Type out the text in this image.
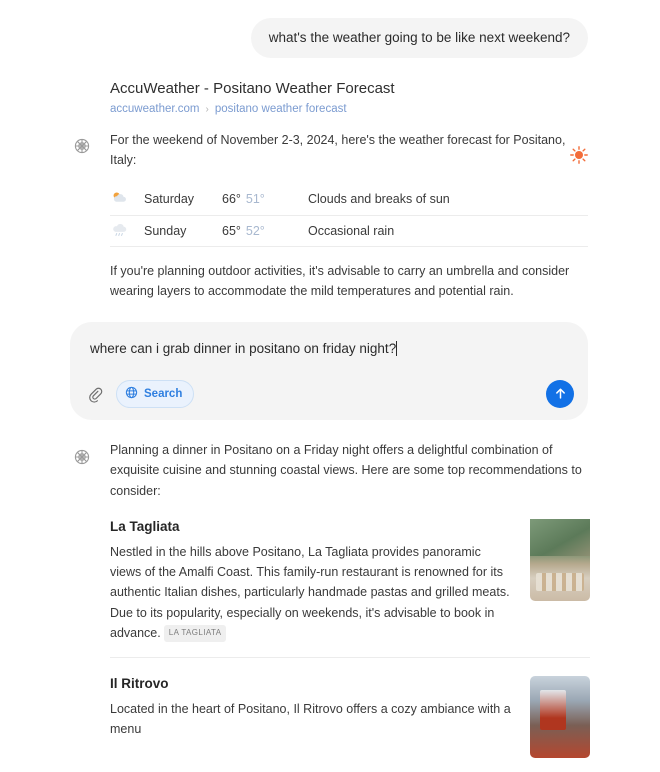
what's the weather going to be like next weekend?
AccuWeather - Positano Weather Forecast
accuweather.com › positano weather forecast

For the weekend of November 2-3, 2024, here's the weather forecast for Positano, Italy:

	Saturday	66° 51°	Clouds and breaks of sun
	Sunday	65° 52°	Occasional rain

If you're planning outdoor activities, it's advisable to carry an umbrella and consider wearing layers to accommodate the mild temperatures and potential rain.

where can i grab dinner in positano on friday night?
Search

Planning a dinner in Positano on a Friday night offers a delightful combination of exquisite cuisine and stunning coastal views. Here are some top recommendations to consider:

La Tagliata

Nestled in the hills above Positano, La Tagliata provides panoramic views of the Amalfi Coast. This family-run restaurant is renowned for its authentic Italian dishes, particularly handmade pastas and grilled meats. Due to its popularity, especially on weekends, it's advisable to book in advance. LA TAGLIATA

Il Ritrovo

Located in the heart of Positano, Il Ritrovo offers a cozy ambiance with a menu
